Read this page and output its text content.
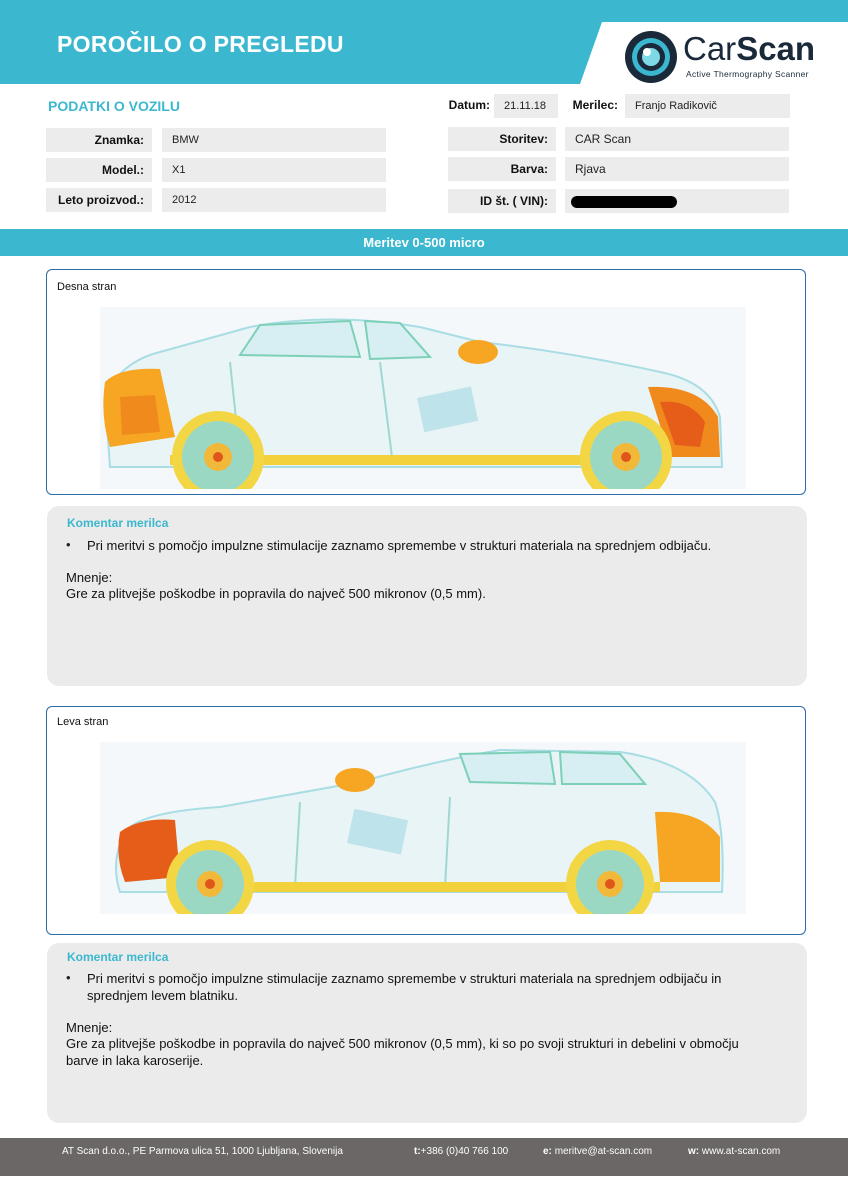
POROČILO O PREGLEDU	CarScan
Active Thermography Scanner
PODATKI O VOZILU
Znamka:	BMW
Model.:	X1
Leto proizvod.:	2012
Datum: 21.11.18	Merilec: Franjo Radikovič
Storitev: CAR Scan
Barva: Rjava
ID št. ( VIN):
Meritev 0-500 micro
Desna stran
Komentar merilca
• Pri meritvi s pomočjo impulzne stimulacije zaznamo spremembe v strukturi materiala na sprednjem odbijaču.
Mnenje:
Gre za plitvejše poškodbe in popravila do največ 500 mikronov (0,5 mm).
Leva stran
Komentar merilca
• Pri meritvi s pomočjo impulzne stimulacije zaznamo spremembe v strukturi materiala na sprednjem odbijaču in
sprednjem levem blatniku.
Mnenje:
Gre za plitvejše poškodbe in popravila do največ 500 mikronov (0,5 mm), ki so po svoji strukturi in debelini v območju
barve in laka karoserije.
AT Scan d.o.o., PE Parmova ulica 51, 1000 Ljubljana, Slovenija	t:+386 (0)40 766 100	e: meritve@at-scan.com	w: www.at-scan.com
